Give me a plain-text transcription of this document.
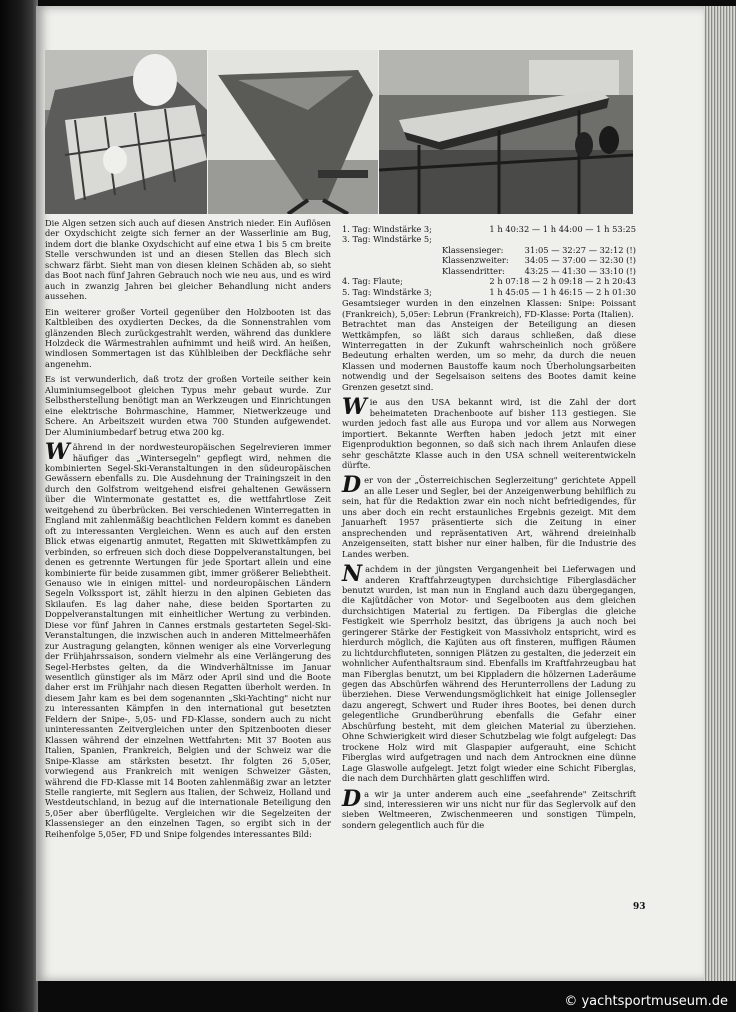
Die Algen setzen sich auch auf diesen Anstrich nieder. Ein Auflösen der Oxydschicht zeigte sich ferner an der Wasserlinie am Bug, indem dort die blanke Oxydschicht auf eine etwa 1 bis 5 cm breite Stelle verschwunden ist und an diesen Stellen das Blech sich schwarz färbt. Sieht man von diesen kleinen Schäden ab, so sieht das Boot nach fünf Jahren Gebrauch noch wie neu aus, und es wird auch in zwanzig Jahren bei gleicher Behandlung nicht anders aussehen.

Ein weiterer großer Vorteil gegenüber den Holzbooten ist das Kaltbleiben des oxydierten Deckes, da die Sonnenstrahlen vom glänzenden Blech zurückgestrahlt werden, während das dunklere Holzdeck die Wärmestrahlen aufnimmt und heiß wird. An heißen, windlosen Sommertagen ist das Kühlbleiben der Deckfläche sehr angenehm.

Es ist verwunderlich, daß trotz der großen Vorteile seither kein Aluminiumsegelboot gleichen Typus mehr gebaut wurde. Zur Selbstherstellung benötigt man an Werkzeugen und Einrichtungen eine elektrische Bohrmaschine, Hammer, Nietwerkzeuge und Schere. An Arbeitszeit wurden etwa 700 Stunden aufgewendet. Der Aluminiumbedarf betrug etwa 200 kg.

W ährend in der nordwesteuropäischen Segelrevieren immer häufiger das „Wintersegeln" gepflegt wird, nehmen die kombinierten Segel-Ski-Veranstaltungen in den südeuropäischen Gewässern ebenfalls zu. Die Ausdehnung der Trainingszeit in den durch den Golfstrom weitgehend eisfrei gehaltenen Gewässern über die Wintermonate gestattet es, die wettfahrtlose Zeit weitgehend zu überbrücken. Bei verschiedenen Winterregatten in England mit zahlenmäßig beachtlichen Feldern kommt es daneben oft zu interessanten Vergleichen. Wenn es auch auf den ersten Blick etwas eigenartig anmutet, Regatten mit Skiwettkämpfen zu verbinden, so erfreuen sich doch diese Doppelveranstaltungen, bei denen es getrennte Wertungen für jede Sportart allein und eine kombinierte für beide zusammen gibt, immer größerer Beliebtheit. Genauso wie in einigen mittel- und nordeuropäischen Ländern Segeln Volkssport ist, zählt hierzu in den alpinen Gebieten das Skilaufen. Es lag daher nahe, diese beiden Sportarten zu Doppelveranstaltungen mit einheitlicher Wertung zu verbinden. Diese vor fünf Jahren in Cannes erstmals gestarteten Segel-Ski-Veranstaltungen, die inzwischen auch in anderen Mittelmeerhäfen zur Austragung gelangten, können weniger als eine Vorverlegung der Frühjahrssaison, sondern vielmehr als eine Verlängerung des Segel-Herbstes gelten, da die Windverhältnisse im Januar wesentlich günstiger als im März oder April sind und die Boote daher erst im Frühjahr nach diesen Regatten überholt werden. In diesem Jahr kam es bei dem sogenannten „Ski-Yachting" nicht nur zu interessanten Kämpfen in den international gut besetzten Feldern der Snipe-, 5,05- und FD-Klasse, sondern auch zu nicht uninteressanten Zeitvergleichen unter den Spitzenbooten dieser Klassen während der einzelnen Wettfahrten: Mit 37 Booten aus Italien, Spanien, Frankreich, Belgien und der Schweiz war die Snipe-Klasse am stärksten besetzt. Ihr folgten 26 5,05er, vorwiegend aus Frankreich mit wenigen Schweizer Gästen, während die FD-Klasse mit 14 Booten zahlenmäßig zwar an letzter Stelle rangierte, mit Seglern aus Italien, der Schweiz, Holland und Westdeutschland, in bezug auf die internationale Beteiligung den 5,05er aber überflügelte. Vergleichen wir die Segelzeiten der Klassensieger an den einzelnen Tagen, so ergibt sich in der Reihenfolge 5,05er, FD und Snipe folgendes interessantes Bild:

1. Tag: Windstärke 3;	1 h 40:32 — 1 h 44:00 — 1 h 53:25
3. Tag: Windstärke 5;
Klassensieger:	31:05 — 32:27 — 32:12 (!)
Klassenzweiter: 34:05 — 37:00 — 32:30 (!)
Klassendritter: 43:25 — 41:30 — 33:10 (!)
4. Tag: Flaute;	2 h 07:18 — 2 h 09:18 — 2 h 20:43
5. Tag: Windstärke 3;	1 h 45:05 — 1 h 46:15 — 2 h 01:30

Gesamtsieger wurden in den einzelnen Klassen: Snipe: Poissant (Frankreich), 5,05er: Lebrun (Frankreich), FD-Klasse: Porta (Italien).

Betrachtet man das Ansteigen der Beteiligung an diesen Wettkämpfen, so läßt sich daraus schließen, daß diese Winterregatten in der Zukunft wahrscheinlich noch größere Bedeutung erhalten werden, um so mehr, da durch die neuen Klassen und modernen Baustoffe kaum noch Überholungsarbeiten notwendig und der Segelsaison seitens des Bootes damit keine Grenzen gesetzt sind.

W ie aus den USA bekannt wird, ist die Zahl der dort beheimateten Drachenboote auf bisher 113 gestiegen. Sie wurden jedoch fast alle aus Europa und vor allem aus Norwegen importiert. Bekannte Werften haben jedoch jetzt mit einer Eigenproduktion begonnen, so daß sich nach ihrem Anlaufen diese sehr geschätzte Klasse auch in den USA schnell weiterentwickeln dürfte.

D er von der „Österreichischen Seglerzeitung" gerichtete Appell an alle Leser und Segler, bei der Anzeigenwerbung behilflich zu sein, hat für die Redaktion zwar ein noch nicht befriedigendes, für uns aber doch ein recht erstaunliches Ergebnis gezeigt. Mit dem Januarheft 1957 präsentierte sich die Zeitung in einer ansprechenden und repräsentativen Art, während dreieinhalb Anzeigenseiten, statt bisher nur einer halben, für die Industrie des Landes werben.

N achdem in der jüngsten Vergangenheit bei Lieferwagen und anderen Kraftfahrzeugtypen durchsichtige Fiberglasdächer benutzt wurden, ist man nun in England auch dazu übergegangen, die Kajütdächer von Motor- und Segelbooten aus dem gleichen durchsichtigen Material zu fertigen. Da Fiberglas die gleiche Festigkeit wie Sperrholz besitzt, das übrigens ja auch noch bei geringerer Stärke der Festigkeit von Massivholz entspricht, wird es hierdurch möglich, die Kajüten aus oft finsteren, muffigen Räumen zu lichtdurchfluteten, sonnigen Plätzen zu gestalten, die jederzeit ein wohnlicher Aufenthaltsraum sind. Ebenfalls im Kraftfahrzeugbau hat man Fiberglas benutzt, um bei Kippladern die hölzernen Laderäume gegen das Abschürfen während des Herunterrollens der Ladung zu überziehen. Diese Verwendungsmöglichkeit hat einige Jollensegler dazu angeregt, Schwert und Ruder ihres Bootes, bei denen durch gelegentliche Grundberührung ebenfalls die Gefahr einer Abschürfung besteht, mit dem gleichen Material zu überziehen. Ohne Schwierigkeit wird dieser Schutzbelag wie folgt aufgelegt: Das trockene Holz wird mit Glaspapier aufgerauht, eine Schicht Fiberglas wird aufgetragen und nach dem Antrocknen eine dünne Lage Glaswolle aufgelegt. Jetzt folgt wieder eine Schicht Fiberglas, die nach dem Durchhärten glatt geschliffen wird.

D a wir ja unter anderem auch eine „seefahrende" Zeitschrift sind, interessieren wir uns nicht nur für das Seglervolk auf den sieben Weltmeeren, Zwischenmeeren und sonstigen Tümpeln, sondern gelegentlich auch für die

93
© yachtsportmuseum.de
